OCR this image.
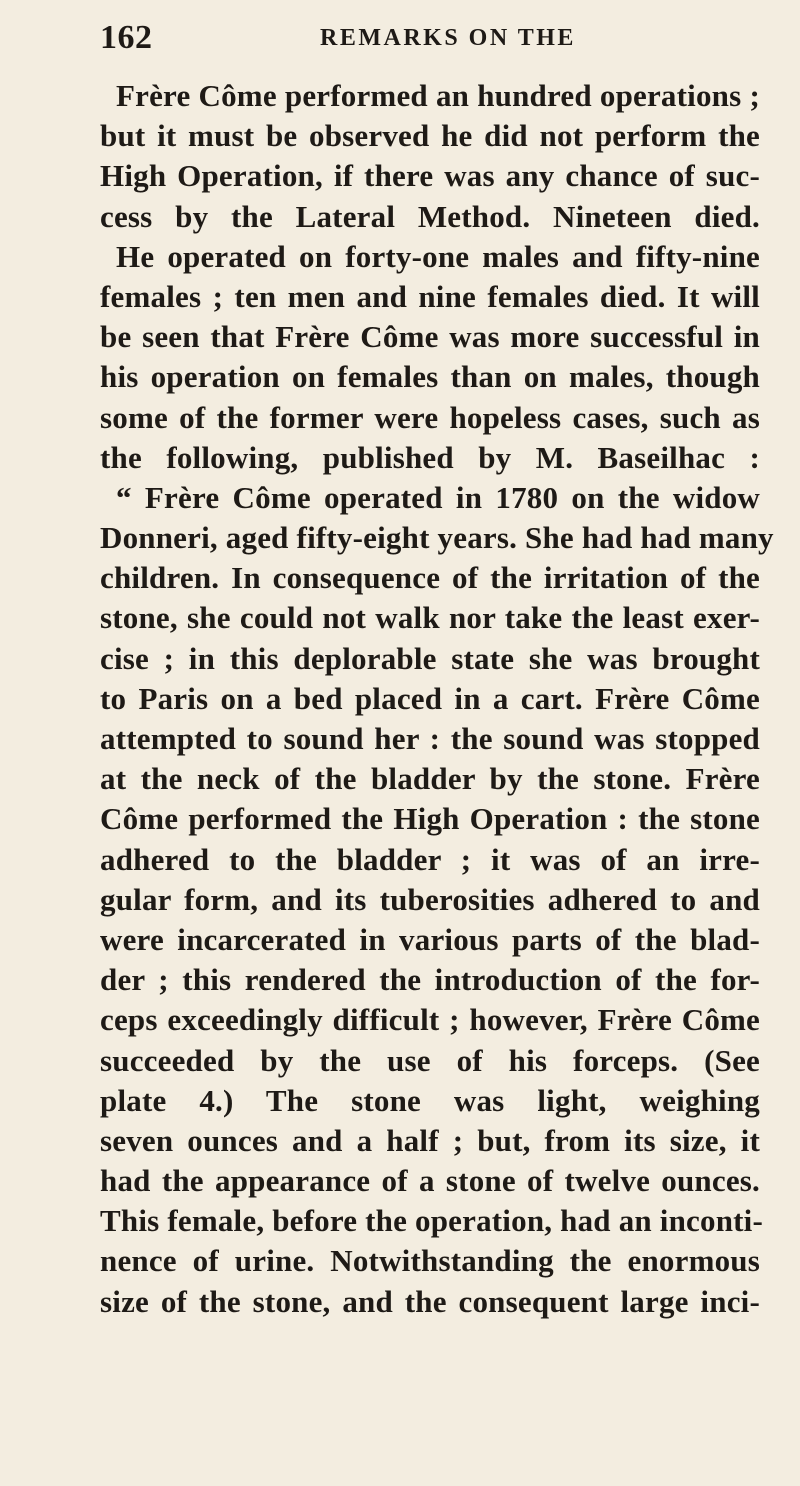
162	REMARKS ON THE
Frère Côme performed an hundred operations ;
but it must be observed he did not perform the
High Operation, if there was any chance of suc-
cess by the Lateral Method. Nineteen died.
He operated on forty-one males and fifty-nine
females ; ten men and nine females died. It will
be seen that Frère Côme was more successful in
his operation on females than on males, though
some of the former were hopeless cases, such as
the following, published by M. Baseilhac :
“ Frère Côme operated in 1780 on the widow
Donneri, aged fifty-eight years. She had had many
children. In consequence of the irritation of the
stone, she could not walk nor take the least exer-
cise ; in this deplorable state she was brought
to Paris on a bed placed in a cart. Frère Côme
attempted to sound her : the sound was stopped
at the neck of the bladder by the stone. Frère
Côme performed the High Operation : the stone
adhered to the bladder ; it was of an irre-
gular form, and its tuberosities adhered to and
were incarcerated in various parts of the blad-
der ; this rendered the introduction of the for-
ceps exceedingly difficult ; however, Frère Côme
succeeded by the use of his forceps. (See
plate 4.) The stone was light, weighing
seven ounces and a half ; but, from its size, it
had the appearance of a stone of twelve ounces.
This female, before the operation, had an inconti-
nence of urine. Notwithstanding the enormous
size of the stone, and the consequent large inci-
